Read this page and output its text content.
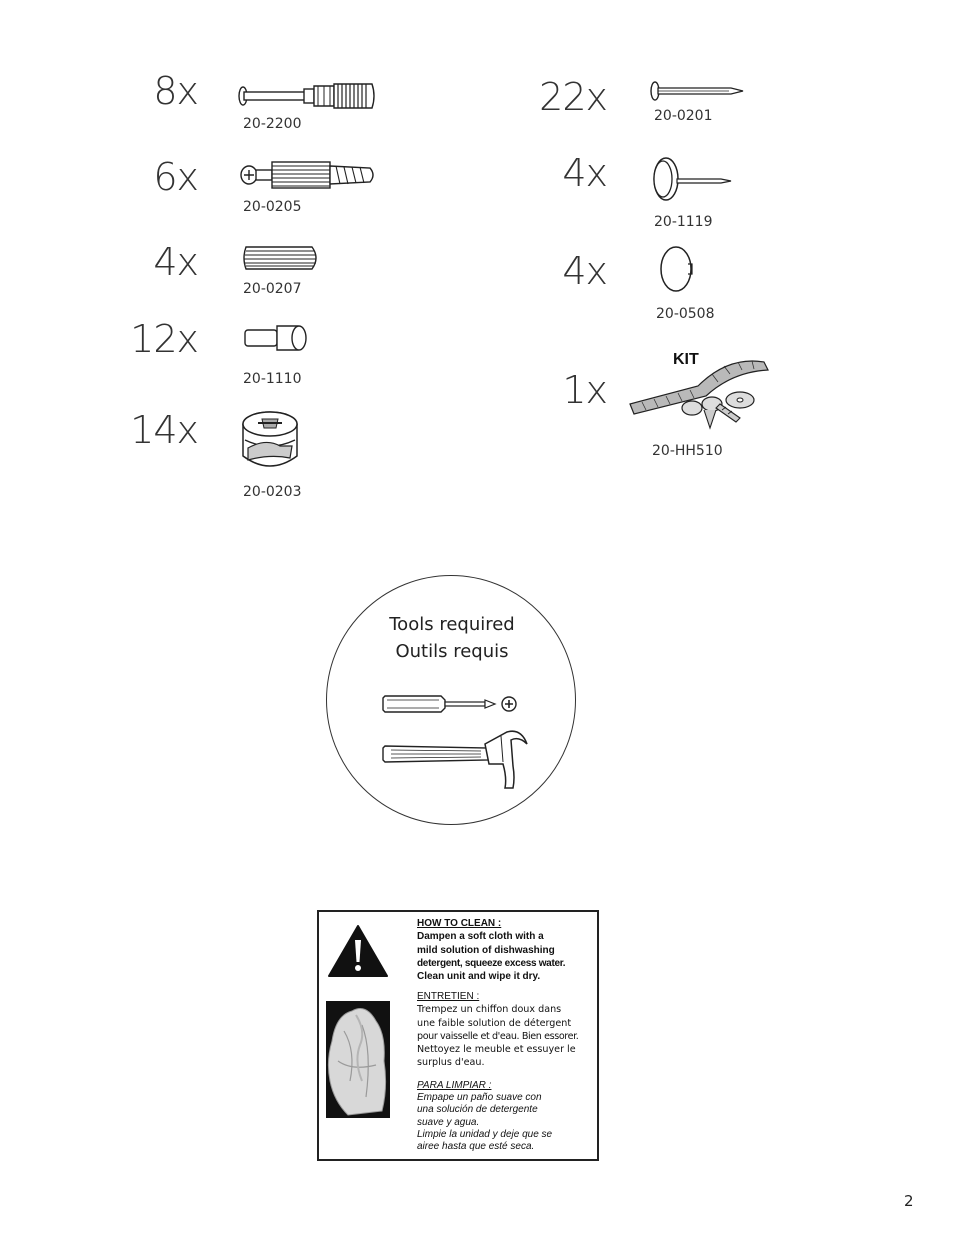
8x
20-2200
6x
20-0205
4x
20-0207
12x
20-1110
14x
20-0203
22x	20-0201
4x
20-1119
4x
20-0508
KIT
1x
20-HH510
Tools required
Outils requis
HOW TO CLEAN :
Dampen a soft cloth with a
mild solution of dishwashing
detergent, squeeze excess water.
Clean unit and wipe it dry.
ENTRETIEN :
Trempez un chiffon doux dans
une faible solution de détergent
pour vaisselle et d'eau. Bien essorer.
Nettoyez le meuble et essuyer le
surplus d'eau.
PARA LIMPIAR :
Empape un paño suave con
una solución de detergente
suave y agua.
Limpie la unidad y deje que se
airee hasta que esté seca.
2
